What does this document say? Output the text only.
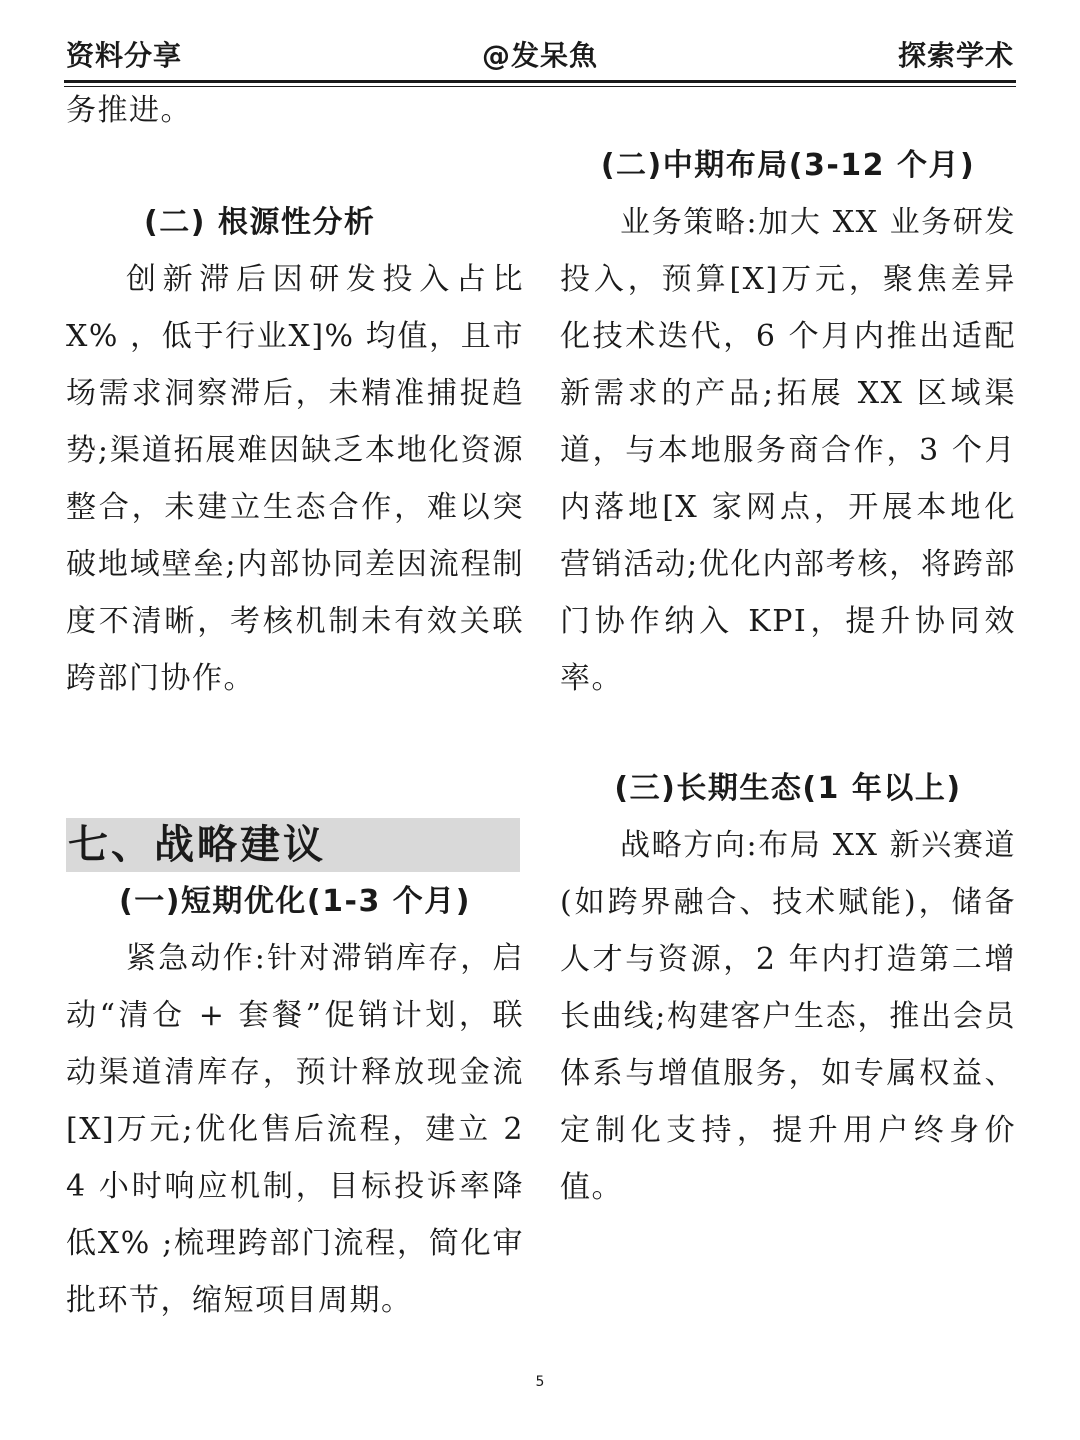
资料分享	@发呆魚	探索学术

务推进。

(二) 根源性分析

创新滞后因研发投入占比X% ，低于行业X]% 均值，且市场需求洞察滞后，未精准捕捉趋势;渠道拓展难因缺乏本地化资源整合，未建立生态合作，难以突破地域壁垒;内部协同差因流程制度不清晰，考核机制未有效关联跨部门协作。

七、战略建议

(一)短期优化(1-3 个月)

紧急动作:针对滞销库存，启动“清仓 + 套餐”促销计划，联动渠道清库存，预计释放现金流 [X]万元;优化售后流程，建立 24 小时响应机制，目标投诉率降低X% ;梳理跨部门流程，简化审批环节，缩短项目周期。

(二)中期布局(3-12 个月)

业务策略:加大 XX 业务研发投入，预算[X]万元，聚焦差异化技术迭代，6 个月内推出适配新需求的产品;拓展 XX 区域渠道，与本地服务商合作，3 个月内落地[X 家网点，开展本地化营销活动;优化内部考核，将跨部门协作纳入 KPI，提升协同效率。

(三)长期生态(1 年以上)

战略方向:布局 XX 新兴赛道(如跨界融合、技术赋能)，储备人才与资源，2 年内打造第二增长曲线;构建客户生态，推出会员体系与增值服务，如专属权益、定制化支持，提升用户终身价值。

5
